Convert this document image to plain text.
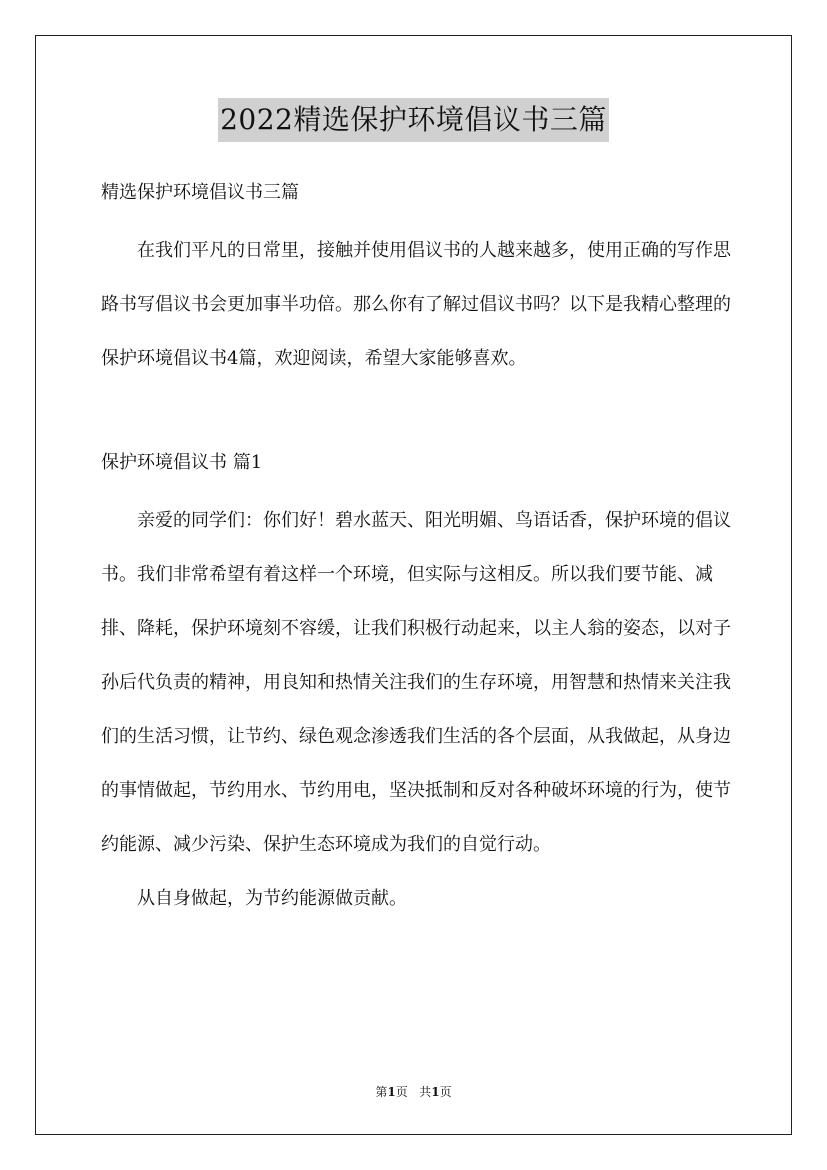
2022精选保护环境倡议书三篇

精选保护环境倡议书三篇

在我们平凡的日常里，接触并使用倡议书的人越来越多，使用正确的写作思路书写倡议书会更加事半功倍。那么你有了解过倡议书吗？以下是我精心整理的保护环境倡议书4篇，欢迎阅读，希望大家能够喜欢。

保护环境倡议书 篇1

亲爱的同学们：你们好！碧水蓝天、阳光明媚、鸟语话香，保护环境的倡议书。我们非常希望有着这样一个环境，但实际与这相反。所以我们要节能、减排、降耗，保护环境刻不容缓，让我们积极行动起来，以主人翁的姿态，以对子孙后代负责的精神，用良知和热情关注我们的生存环境，用智慧和热情来关注我们的生活习惯，让节约、绿色观念渗透我们生活的各个层面，从我做起，从身边的事情做起，节约用水、节约用电，坚决抵制和反对各种破坏环境的行为，使节约能源、减少污染、保护生态环境成为我们的自觉行动。

从自身做起，为节约能源做贡献。

第1页   共1页
